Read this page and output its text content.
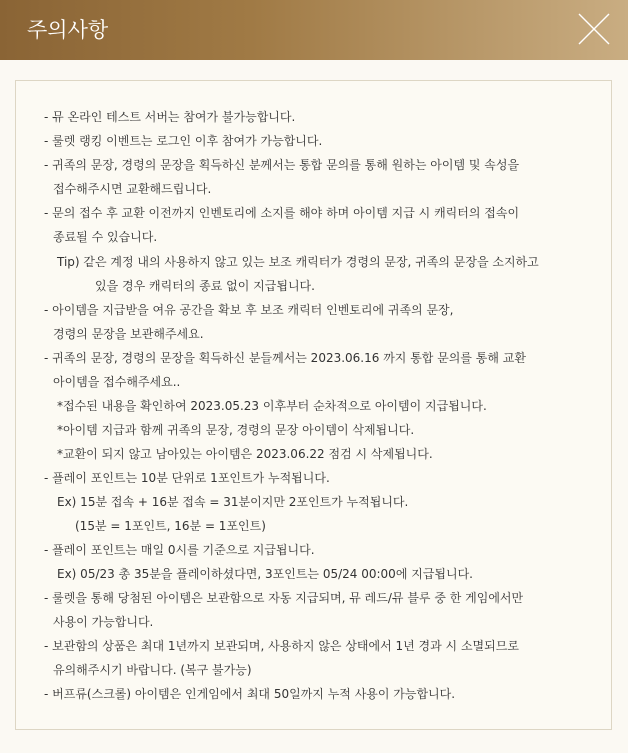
주의사항
- 뮤 온라인 테스트 서버는 참여가 불가능합니다.
- 룰렛 랭킹 이벤트는 로그인 이후 참여가 가능합니다.
- 귀족의 문장, 경령의 문장을 획득하신 분께서는 통합 문의를 통해 원하는 아이템 및 속성을
접수해주시면 교환해드립니다.
- 문의 접수 후 교환 이전까지 인벤토리에 소지를 해야 하며 아이템 지급 시 캐릭터의 접속이
종료될 수 있습니다.
Tip) 같은 계정 내의 사용하지 않고 있는 보조 캐릭터가 경령의 문장, 귀족의 문장을 소지하고
있을 경우 캐릭터의 종료 없이 지급됩니다.
- 아이템을 지급받을 여유 공간을 확보 후 보조 캐릭터 인벤토리에 귀족의 문장,
경령의 문장을 보관해주세요.
- 귀족의 문장, 경령의 문장을 획득하신 분들께서는 2023.06.16 까지 통합 문의를 통해 교환
아이템을 접수해주세요..
*접수된 내용을 확인하여 2023.05.23 이후부터 순차적으로 아이템이 지급됩니다.
*아이템 지급과 함께 귀족의 문장, 경령의 문장 아이템이 삭제됩니다.
*교환이 되지 않고 남아있는 아이템은 2023.06.22 점검 시 삭제됩니다.
- 플레이 포인트는 10분 단위로 1포인트가 누적됩니다.
Ex) 15분 접속 + 16분 접속 = 31분이지만 2포인트가 누적됩니다.
(15분 = 1포인트, 16분 = 1포인트)
- 플레이 포인트는 매일 0시를 기준으로 지급됩니다.
Ex) 05/23 총 35분을 플레이하셨다면, 3포인트는 05/24 00:00에 지급됩니다.
- 룰렛을 통해 당첨된 아이템은 보관함으로 자동 지급되며, 뮤 레드/뮤 블루 중 한 게임에서만
사용이 가능합니다.
- 보관함의 상품은 최대 1년까지 보관되며, 사용하지 않은 상태에서 1년 경과 시 소멸되므로
유의해주시기 바랍니다. (복구 불가능)
- 버프류(스크롤) 아이템은 인게임에서 최대 50일까지 누적 사용이 가능합니다.
